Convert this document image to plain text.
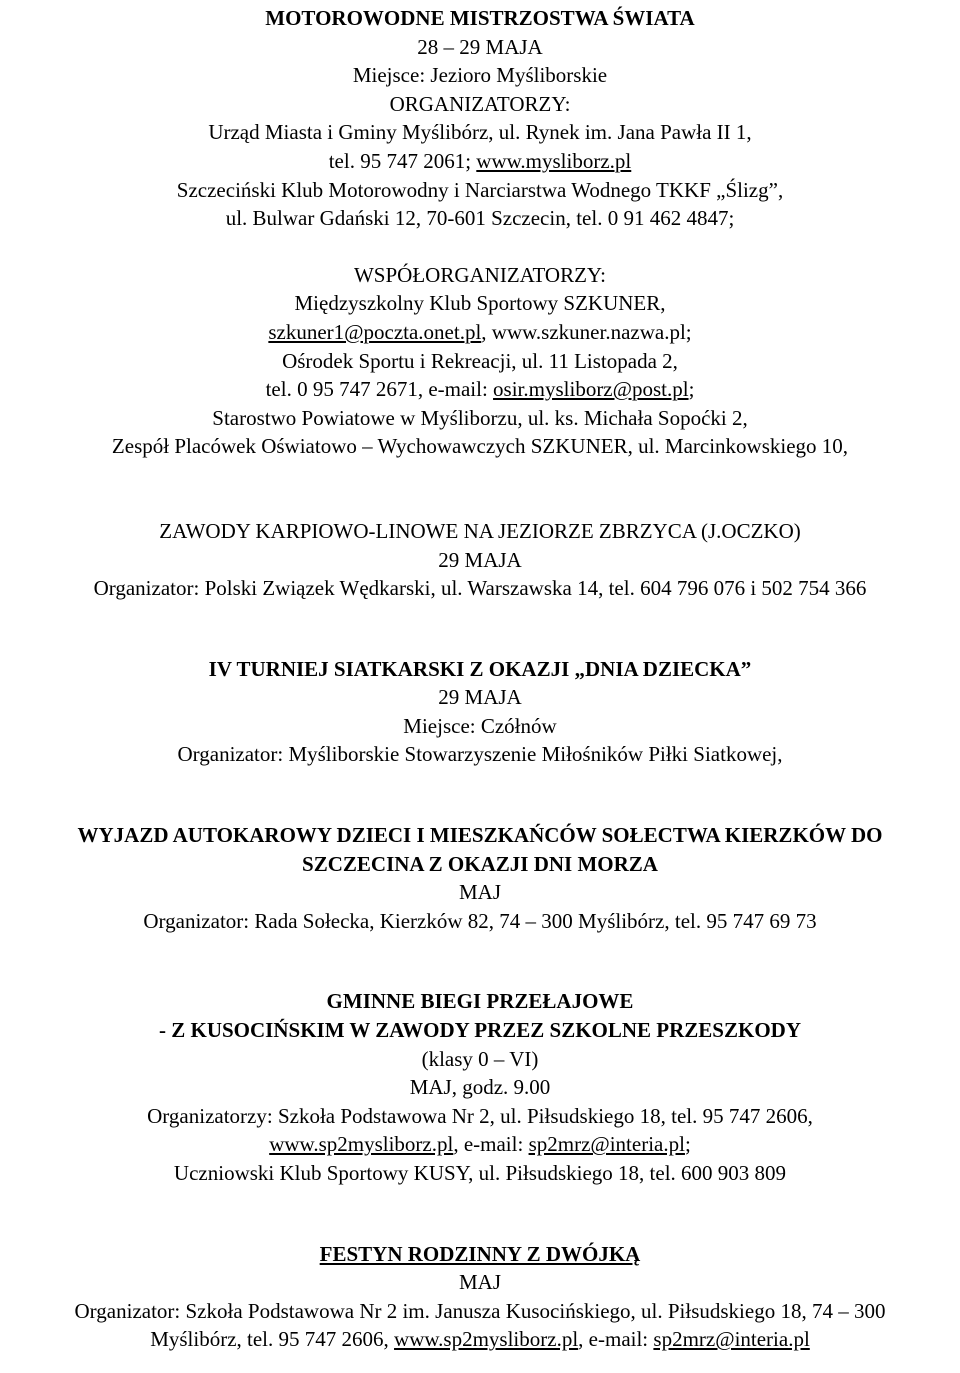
MOTOROWODNE MISTRZOSTWA ŚWIATA
28 – 29 MAJA
Miejsce: Jezioro Myśliborskie
ORGANIZATORZY:
Urząd Miasta i Gminy Myślibórz, ul. Rynek im. Jana Pawła II 1,
tel. 95 747 2061; www.mysliborz.pl
Szczeciński Klub Motorowodny i Narciarstwa Wodnego TKKF „Ślizg”,
ul. Bulwar Gdański 12, 70-601 Szczecin, tel. 0 91 462 4847;
WSPÓŁORGANIZATORZY:
Międzyszkolny Klub Sportowy SZKUNER,
szkuner1@poczta.onet.pl, www.szkuner.nazwa.pl;
Ośrodek Sportu i Rekreacji, ul. 11 Listopada 2,
tel. 0 95 747 2671, e-mail: osir.mysliborz@post.pl;
Starostwo Powiatowe w Myśliborzu, ul. ks. Michała Sopoćki 2,
Zespół Placówek Oświatowo – Wychowawczych SZKUNER, ul. Marcinkowskiego 10,
ZAWODY KARPIOWO-LINOWE NA JEZIORZE ZBRZYCA (J.OCZKO)
29 MAJA
Organizator: Polski Związek Wędkarski, ul. Warszawska 14, tel. 604 796 076 i 502 754 366
IV TURNIEJ SIATKARSKI Z OKAZJI „DNIA DZIECKA”
29 MAJA
Miejsce: Czółnów
Organizator: Myśliborskie Stowarzyszenie Miłośników Piłki Siatkowej,
WYJAZD AUTOKAROWY DZIECI I MIESZKAŃCÓW SOŁECTWA KIERZKÓW DO
SZCZECINA Z OKAZJI DNI MORZA
MAJ
Organizator: Rada Sołecka, Kierzków 82, 74 – 300 Myślibórz, tel. 95 747 69 73
GMINNE BIEGI PRZEŁAJOWE
- Z KUSOCIŃSKIM W ZAWODY PRZEZ SZKOLNE PRZESZKODY
(klasy 0 – VI)
MAJ, godz. 9.00
Organizatorzy: Szkoła Podstawowa Nr 2, ul. Piłsudskiego 18, tel. 95 747 2606,
www.sp2mysliborz.pl, e-mail: sp2mrz@interia.pl;
Uczniowski Klub Sportowy KUSY, ul. Piłsudskiego 18, tel. 600 903 809
FESTYN RODZINNY Z DWÓJKĄ
MAJ
Organizator: Szkoła Podstawowa Nr 2 im. Janusza Kusocińskiego, ul. Piłsudskiego 18, 74 – 300
Myślibórz, tel. 95 747 2606, www.sp2mysliborz.pl, e-mail: sp2mrz@interia.pl
